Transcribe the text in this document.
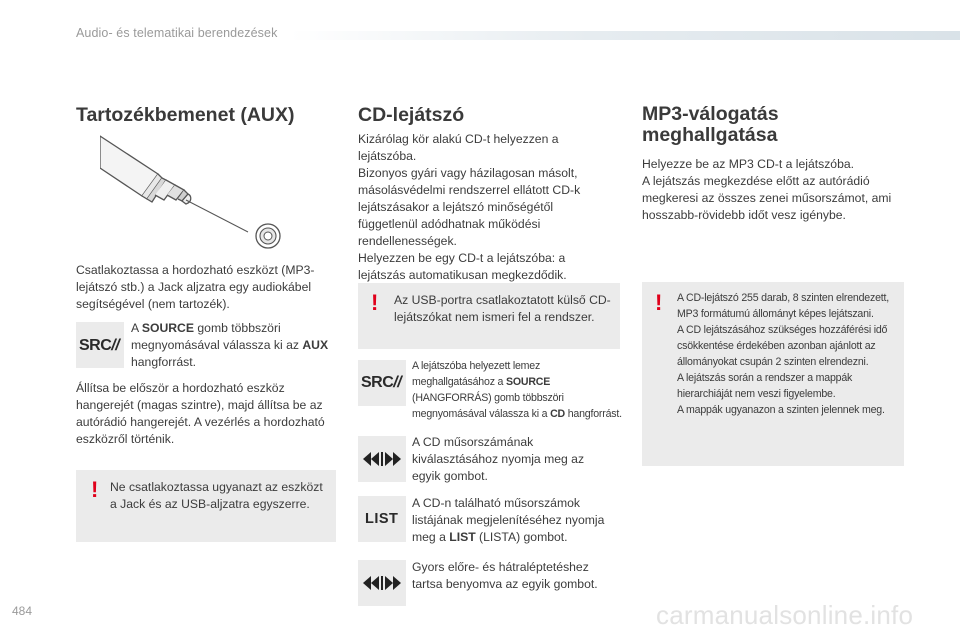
Audio- és telematikai berendezések
Tartozékbemenet (AUX)
Csatlakoztassa a hordozható eszközt (MP3-lejátszó stb.) a Jack aljzatra egy audiokábel segítségével (nem tartozék).
SRC//
A SOURCE gomb többszöri megnyomásával válassza ki az AUX hangforrást.
Állítsa be először a hordozható eszköz hangerejét (magas szintre), majd állítsa be az autórádió hangerejét. A vezérlés a hordozható eszközről történik.
! Ne csatlakoztassa ugyanazt az eszközt a Jack és az USB-aljzatra egyszerre.
CD-lejátszó
Kizárólag kör alakú CD-t helyezzen a lejátszóba.
Bizonyos gyári vagy házilagosan másolt, másolásvédelmi rendszerrel ellátott CD-k lejátszásakor a lejátszó minőségétől függetlenül adódhatnak működési rendellenességek.
Helyezzen be egy CD-t a lejátszóba: a lejátszás automatikusan megkezdődik.
! Az USB-portra csatlakoztatott külső CD-lejátszókat nem ismeri fel a rendszer.
SRC//
A lejátszóba helyezett lemez meghallgatásához a SOURCE (HANGFORRÁS) gomb többszöri megnyomásával válassza ki a CD hangforrást.
A CD műsorszámának kiválasztásához nyomja meg az egyik gombot.
LIST
A CD-n található műsorszámok listájának megjelenítéséhez nyomja meg a LIST (LISTA) gombot.
Gyors előre- és hátraléptetéshez tartsa benyomva az egyik gombot.
MP3-válogatás meghallgatása
Helyezze be az MP3 CD-t a lejátszóba.
A lejátszás megkezdése előtt az autórádió megkeresi az összes zenei műsorszámot, ami hosszabb-rövidebb időt vesz igénybe.
! A CD-lejátszó 255 darab, 8 szinten elrendezett, MP3 formátumú állományt képes lejátszani.
A CD lejátszásához szükséges hozzáférési idő csökkentése érdekében azonban ajánlott az állományokat csupán 2 szinten elrendezni.
A lejátszás során a rendszer a mappák hierarchiáját nem veszi figyelembe.
A mappák ugyanazon a szinten jelennek meg.
484	carmanualsonline.info
